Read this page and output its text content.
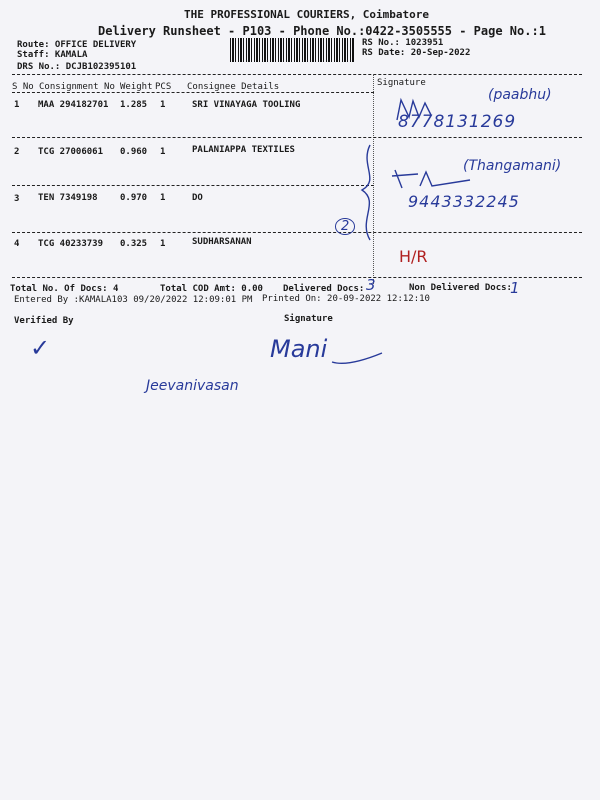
THE PROFESSIONAL COURIERS, Coimbatore
Delivery Runsheet - P103 - Phone No.:0422-3505555 - Page No.:1
Route: OFFICE DELIVERY
Staff: KAMALA
DRS No.: DCJB102395101
RS No.: 1023951
RS Date: 20-Sep-2022
S No Consignment No Weight PCS Consignee Details	Signature
1 MAA 294182701 1.285 1	SRI VINAYAGA TOOLING
2 TCG 27006061 0.960 1	PALANIAPPA TEXTILES
3 TEN 7349198 0.970 1	DO
4 TCG 40233739 0.325 1	SUDHARSANAN
Total No. Of Docs: 4	Total COD Amt: 0.00 Delivered Docs:	Non Delivered Docs:
Entered By :KAMALA103 09/20/2022 12:09:01 PM Printed On: 20-09-2022 12:12:10
Verified By	Signature
(paabhu)
8778131269
(Thangamani)
9443332245
2
H/R
3	1
Mani
Jeevanivasan
✓
